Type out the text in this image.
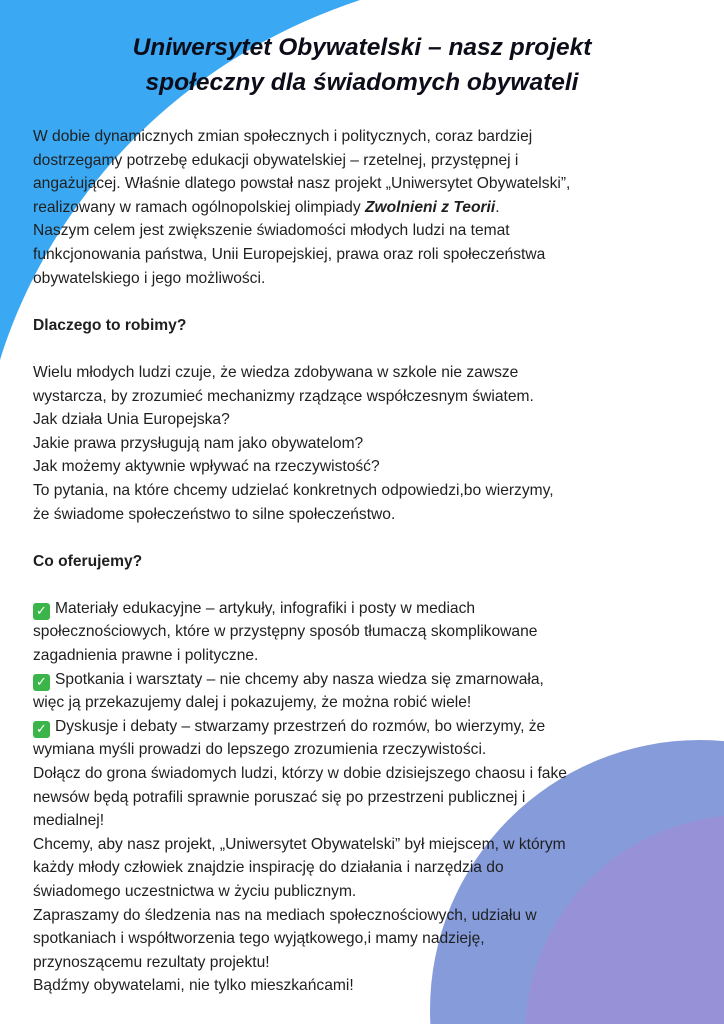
Uniwersytet Obywatelski – nasz projekt
społeczny dla świadomych obywateli
W dobie dynamicznych zmian społecznych i politycznych, coraz bardziej
dostrzegamy potrzebę edukacji obywatelskiej – rzetelnej, przystępnej i
angażującej. Właśnie dlatego powstał nasz projekt „Uniwersytet Obywatelski”,
realizowany w ramach ogólnopolskiej olimpiady Zwolnieni z Teorii.
Naszym celem jest zwiększenie świadomości młodych ludzi na temat
funkcjonowania państwa, Unii Europejskiej, prawa oraz roli społeczeństwa
obywatelskiego i jego możliwości.
Dlaczego to robimy?
Wielu młodych ludzi czuje, że wiedza zdobywana w szkole nie zawsze
wystarcza, by zrozumieć mechanizmy rządzące współczesnym światem.
Jak działa Unia Europejska?
Jakie prawa przysługują nam jako obywatelom?
Jak możemy aktywnie wpływać na rzeczywistość?
To pytania, na które chcemy udzielać konkretnych odpowiedzi,bo wierzymy,
że świadome społeczeństwo to silne społeczeństwo.
Co oferujemy?
✓ Materiały edukacyjne – artykuły, infografiki i posty w mediach
społecznościowych, które w przystępny sposób tłumaczą skomplikowane
zagadnienia prawne i polityczne.
✓ Spotkania i warsztaty – nie chcemy aby nasza wiedza się zmarnowała,
więc ją przekazujemy dalej i pokazujemy, że można robić wiele!
✓ Dyskusje i debaty – stwarzamy przestrzeń do rozmów, bo wierzymy, że
wymiana myśli prowadzi do lepszego zrozumienia rzeczywistości.
Dołącz do grona świadomych ludzi, którzy w dobie dzisiejszego chaosu i fake
newsów będą potrafili sprawnie poruszać się po przestrzeni publicznej i
medialnej!
Chcemy, aby nasz projekt, „Uniwersytet Obywatelski” był miejscem, w którym
każdy młody człowiek znajdzie inspirację do działania i narzędzia do
świadomego uczestnictwa w życiu publicznym.
Zapraszamy do śledzenia nas na mediach społecznościowych, udziału w
spotkaniach i współtworzenia tego wyjątkowego,i mamy nadzieję,
przynoszącemu rezultaty projektu!
Bądźmy obywatelami, nie tylko mieszkańcami!
